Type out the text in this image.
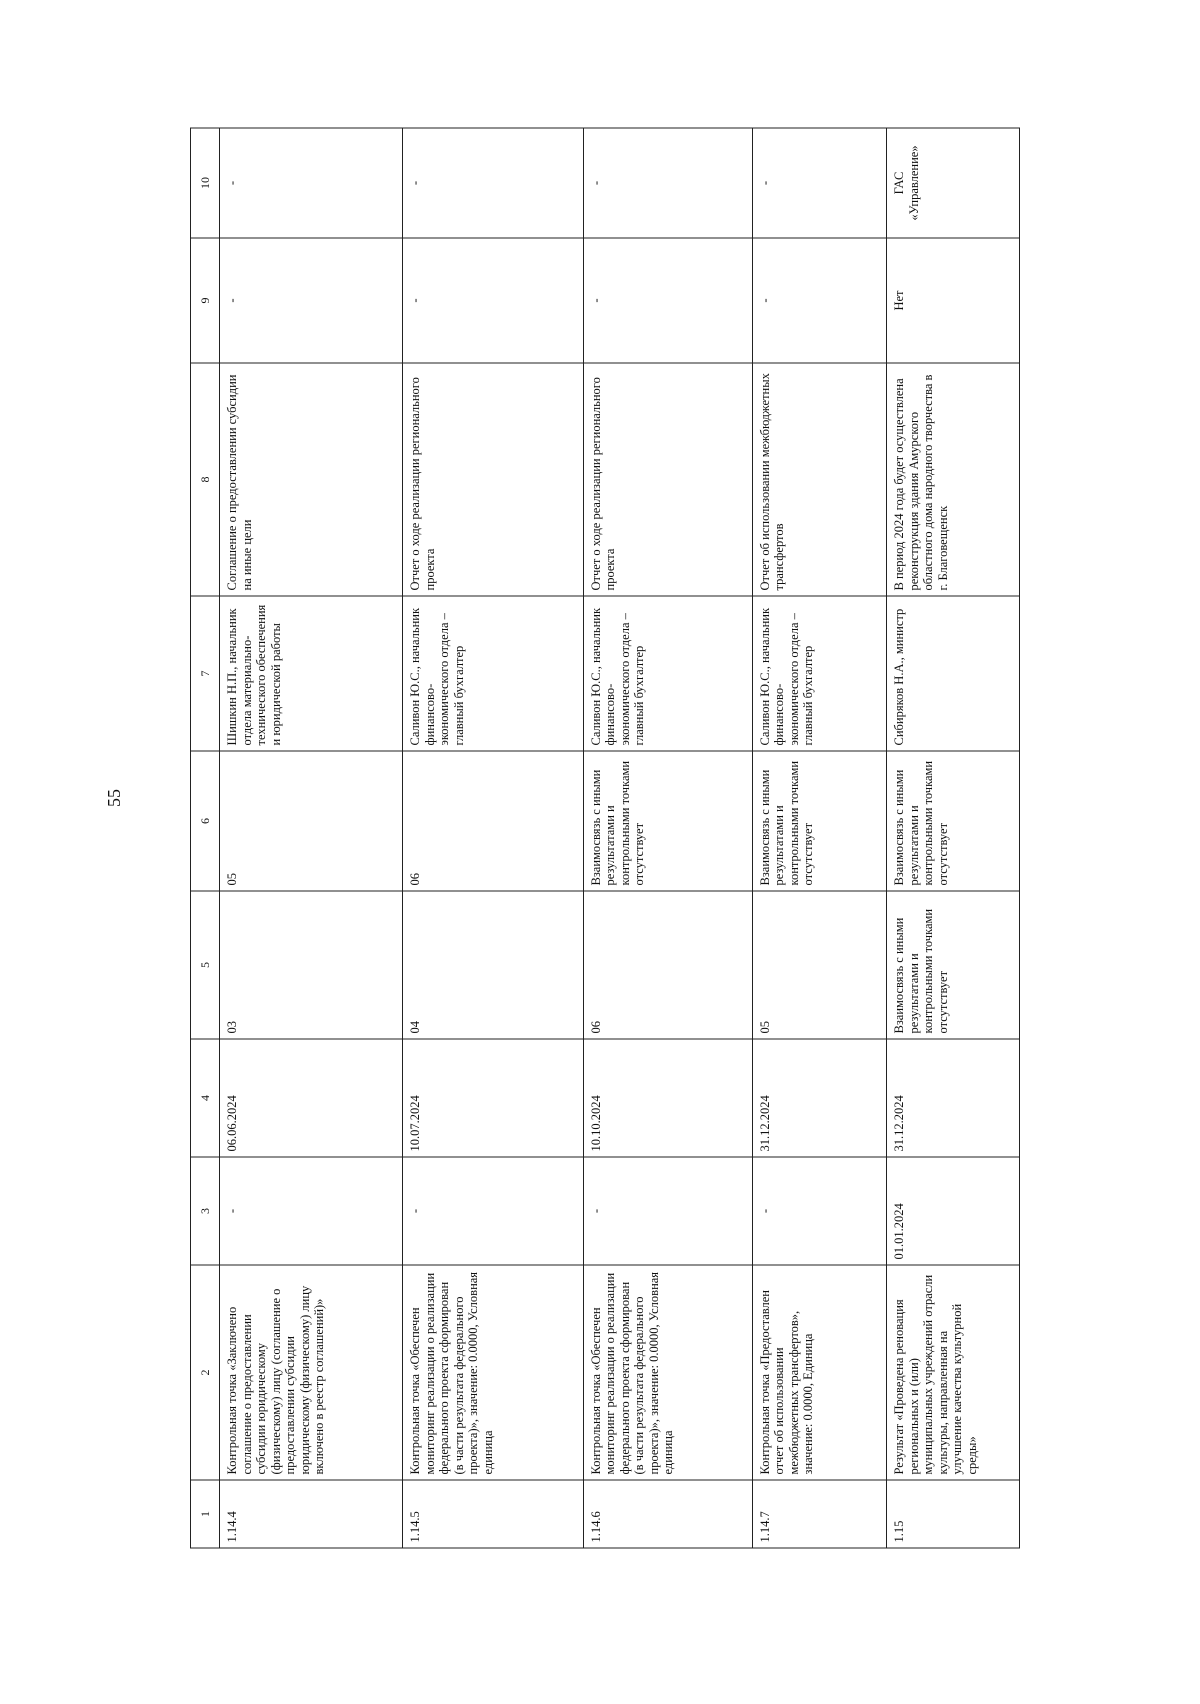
55
1	2	3	4	5	6	7	8	9	10
1.14.4	Контрольная точка «Заключено соглашение о предоставлении субсидии юридическому (физическому) лицу (соглашение о предоставлении субсидии юридическому (физическому) лицу включено в реестр соглашений)»	-	06.06.2024	03	05	Шишкин Н.П., начальник отдела материально-технического обеспечения и юридической работы	Соглашение о предоставлении субсидии на иные цели	-	-
1.14.5	Контрольная точка «Обеспечен мониторинг реализации о реализации федерального проекта сформирован (в части результата федерального проекта)», значение: 0.0000, Условная единица	-	10.07.2024	04	06	Саливон Ю.С., начальник финансово-экономического отдела – главный бухгалтер	Отчет о ходе реализации регионального проекта	-	-
1.14.6	Контрольная точка «Обеспечен мониторинг реализации о реализации федерального проекта сформирован (в части результата федерального проекта)», значение: 0.0000, Условная единица	-	10.10.2024	06	Взаимосвязь с иными результатами и контрольными точками отсутствует	Саливон Ю.С., начальник финансово-экономического отдела – главный бухгалтер	Отчет о ходе реализации регионального проекта	-	-
1.14.7	Контрольная точка «Предоставлен отчет об использовании межбюджетных трансфертов», значение: 0.0000, Единица	-	31.12.2024	05	Взаимосвязь с иными результатами и контрольными точками отсутствует	Саливон Ю.С., начальник финансово-экономического отдела – главный бухгалтер	Отчет об использовании межбюджетных трансфертов	-	-
1.15	Результат «Проведена реновация региональных и (или) муниципальных учреждений отрасли культуры, направленная на улучшение качества культурной среды»	01.01.2024	31.12.2024	Взаимосвязь с иными результатами и контрольными точками отсутствует	Взаимосвязь с иными результатами и контрольными точками отсутствует	Сибиряков Н.А., министр	В период 2024 года будет осуществлена реконструкция здания Амурского областного дома народного творчества в г. Благовещенск	Нет	ГАС «Управление»
